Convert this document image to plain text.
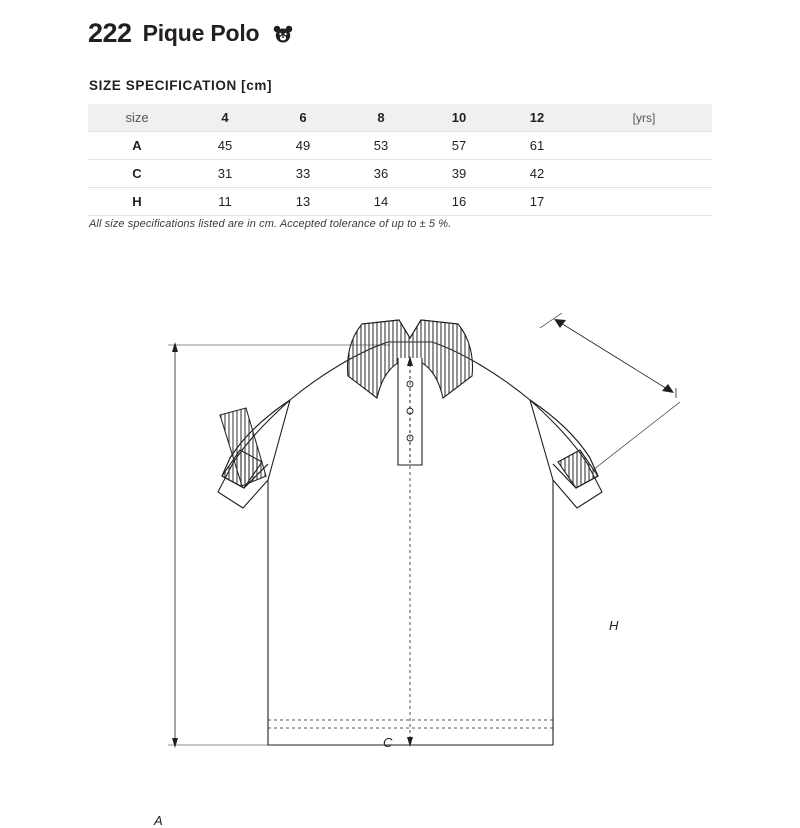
222 Pique Polo
SIZE SPECIFICATION [cm]
size	4	6	8	10	12	[yrs]
A	45	49	53	57	61	
C	31	33	36	39	42	
H	11	13	14	16	17	
All size specifications listed are in cm. Accepted tolerance of up to ± 5 %.
A
C
H
